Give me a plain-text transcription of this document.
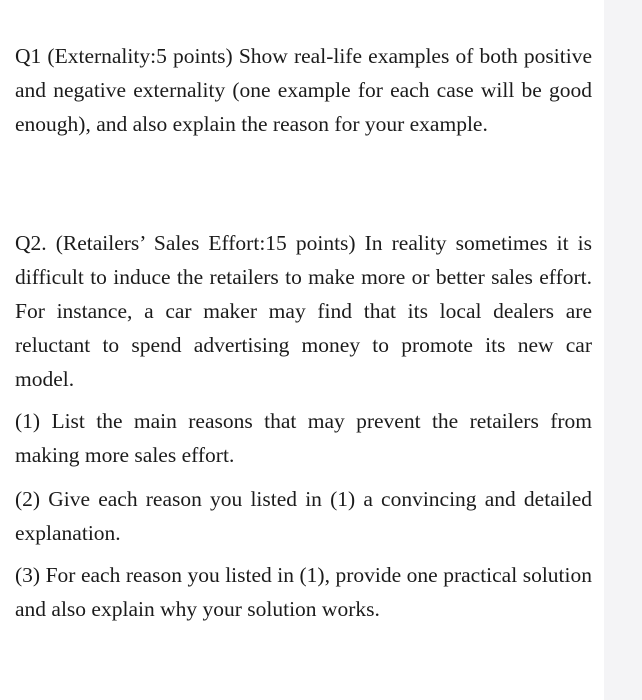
Q1 (Externality:5 points) Show real-life examples of both positive and negative externality (one example for each case will be good enough), and also explain the reason for your example.

Q2. (Retailers’ Sales Effort:15 points) In reality sometimes it is difficult to induce the retailers to make more or better sales effort. For instance, a car maker may find that its local dealers are reluctant to spend advertising money to promote its new car model.

(1) List the main reasons that may prevent the retailers from making more sales effort.

(2) Give each reason you listed in (1) a convincing and detailed explanation.

(3) For each reason you listed in (1), provide one practical solution and also explain why your solution works.
